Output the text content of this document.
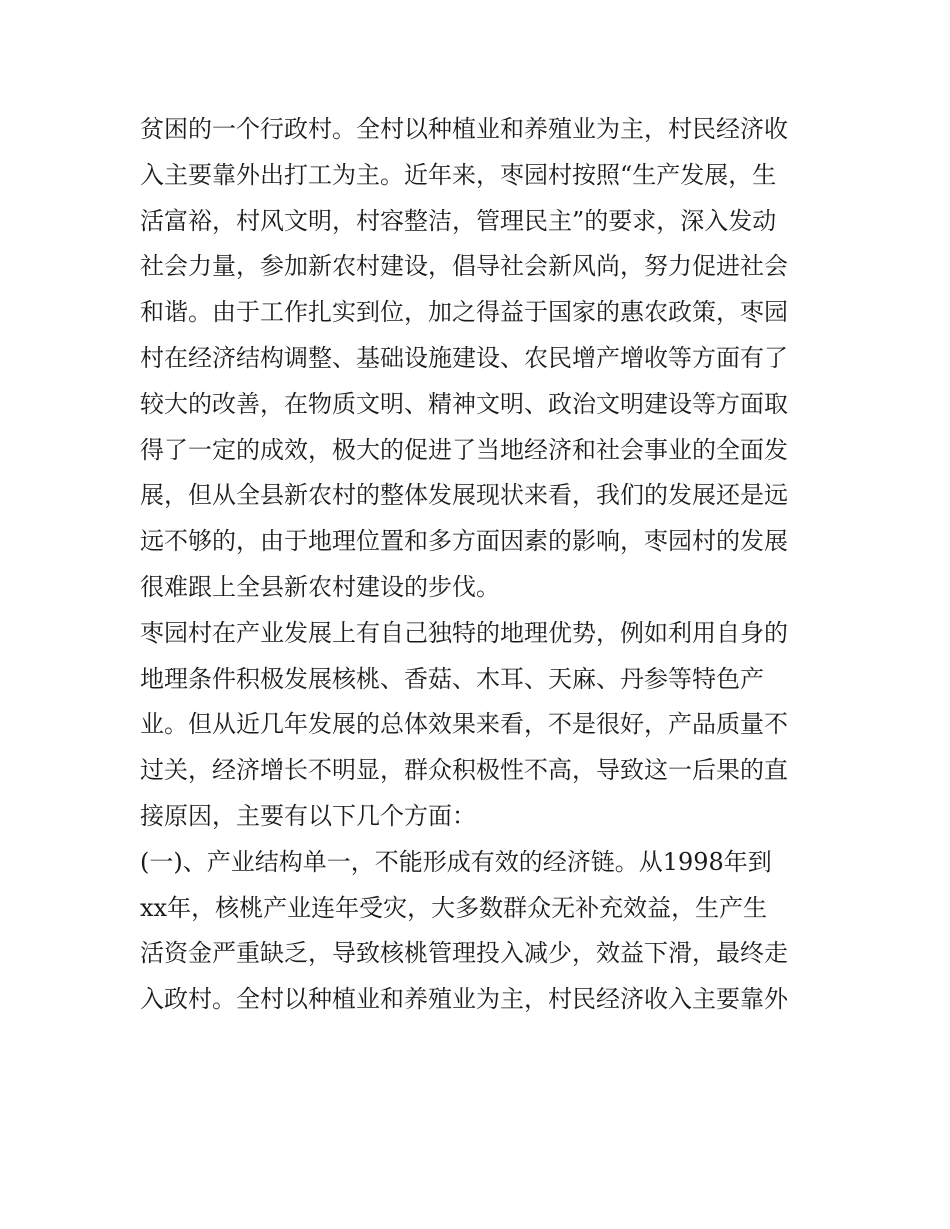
贫困的一个行政村。全村以种植业和养殖业为主，村民经济收
入主要靠外出打工为主。近年来，枣园村按照“生产发展，生
活富裕，村风文明，村容整洁，管理民主”的要求，深入发动
社会力量，参加新农村建设，倡导社会新风尚，努力促进社会
和谐。由于工作扎实到位，加之得益于国家的惠农政策，枣园
村在经济结构调整、基础设施建设、农民增产增收等方面有了
较大的改善，在物质文明、精神文明、政治文明建设等方面取
得了一定的成效，极大的促进了当地经济和社会事业的全面发
展，但从全县新农村的整体发展现状来看，我们的发展还是远
远不够的，由于地理位置和多方面因素的影响，枣园村的发展
很难跟上全县新农村建设的步伐。
枣园村在产业发展上有自己独特的地理优势，例如利用自身的
地理条件积极发展核桃、香菇、木耳、天麻、丹参等特色产
业。但从近几年发展的总体效果来看，不是很好，产品质量不
过关，经济增长不明显，群众积极性不高，导致这一后果的直
接原因，主要有以下几个方面：
(一)、产业结构单一，不能形成有效的经济链。从1998年到
xx年，核桃产业连年受灾，大多数群众无补充效益，生产生
活资金严重缺乏，导致核桃管理投入减少，效益下滑，最终走
入政村。全村以种植业和养殖业为主，村民经济收入主要靠外
